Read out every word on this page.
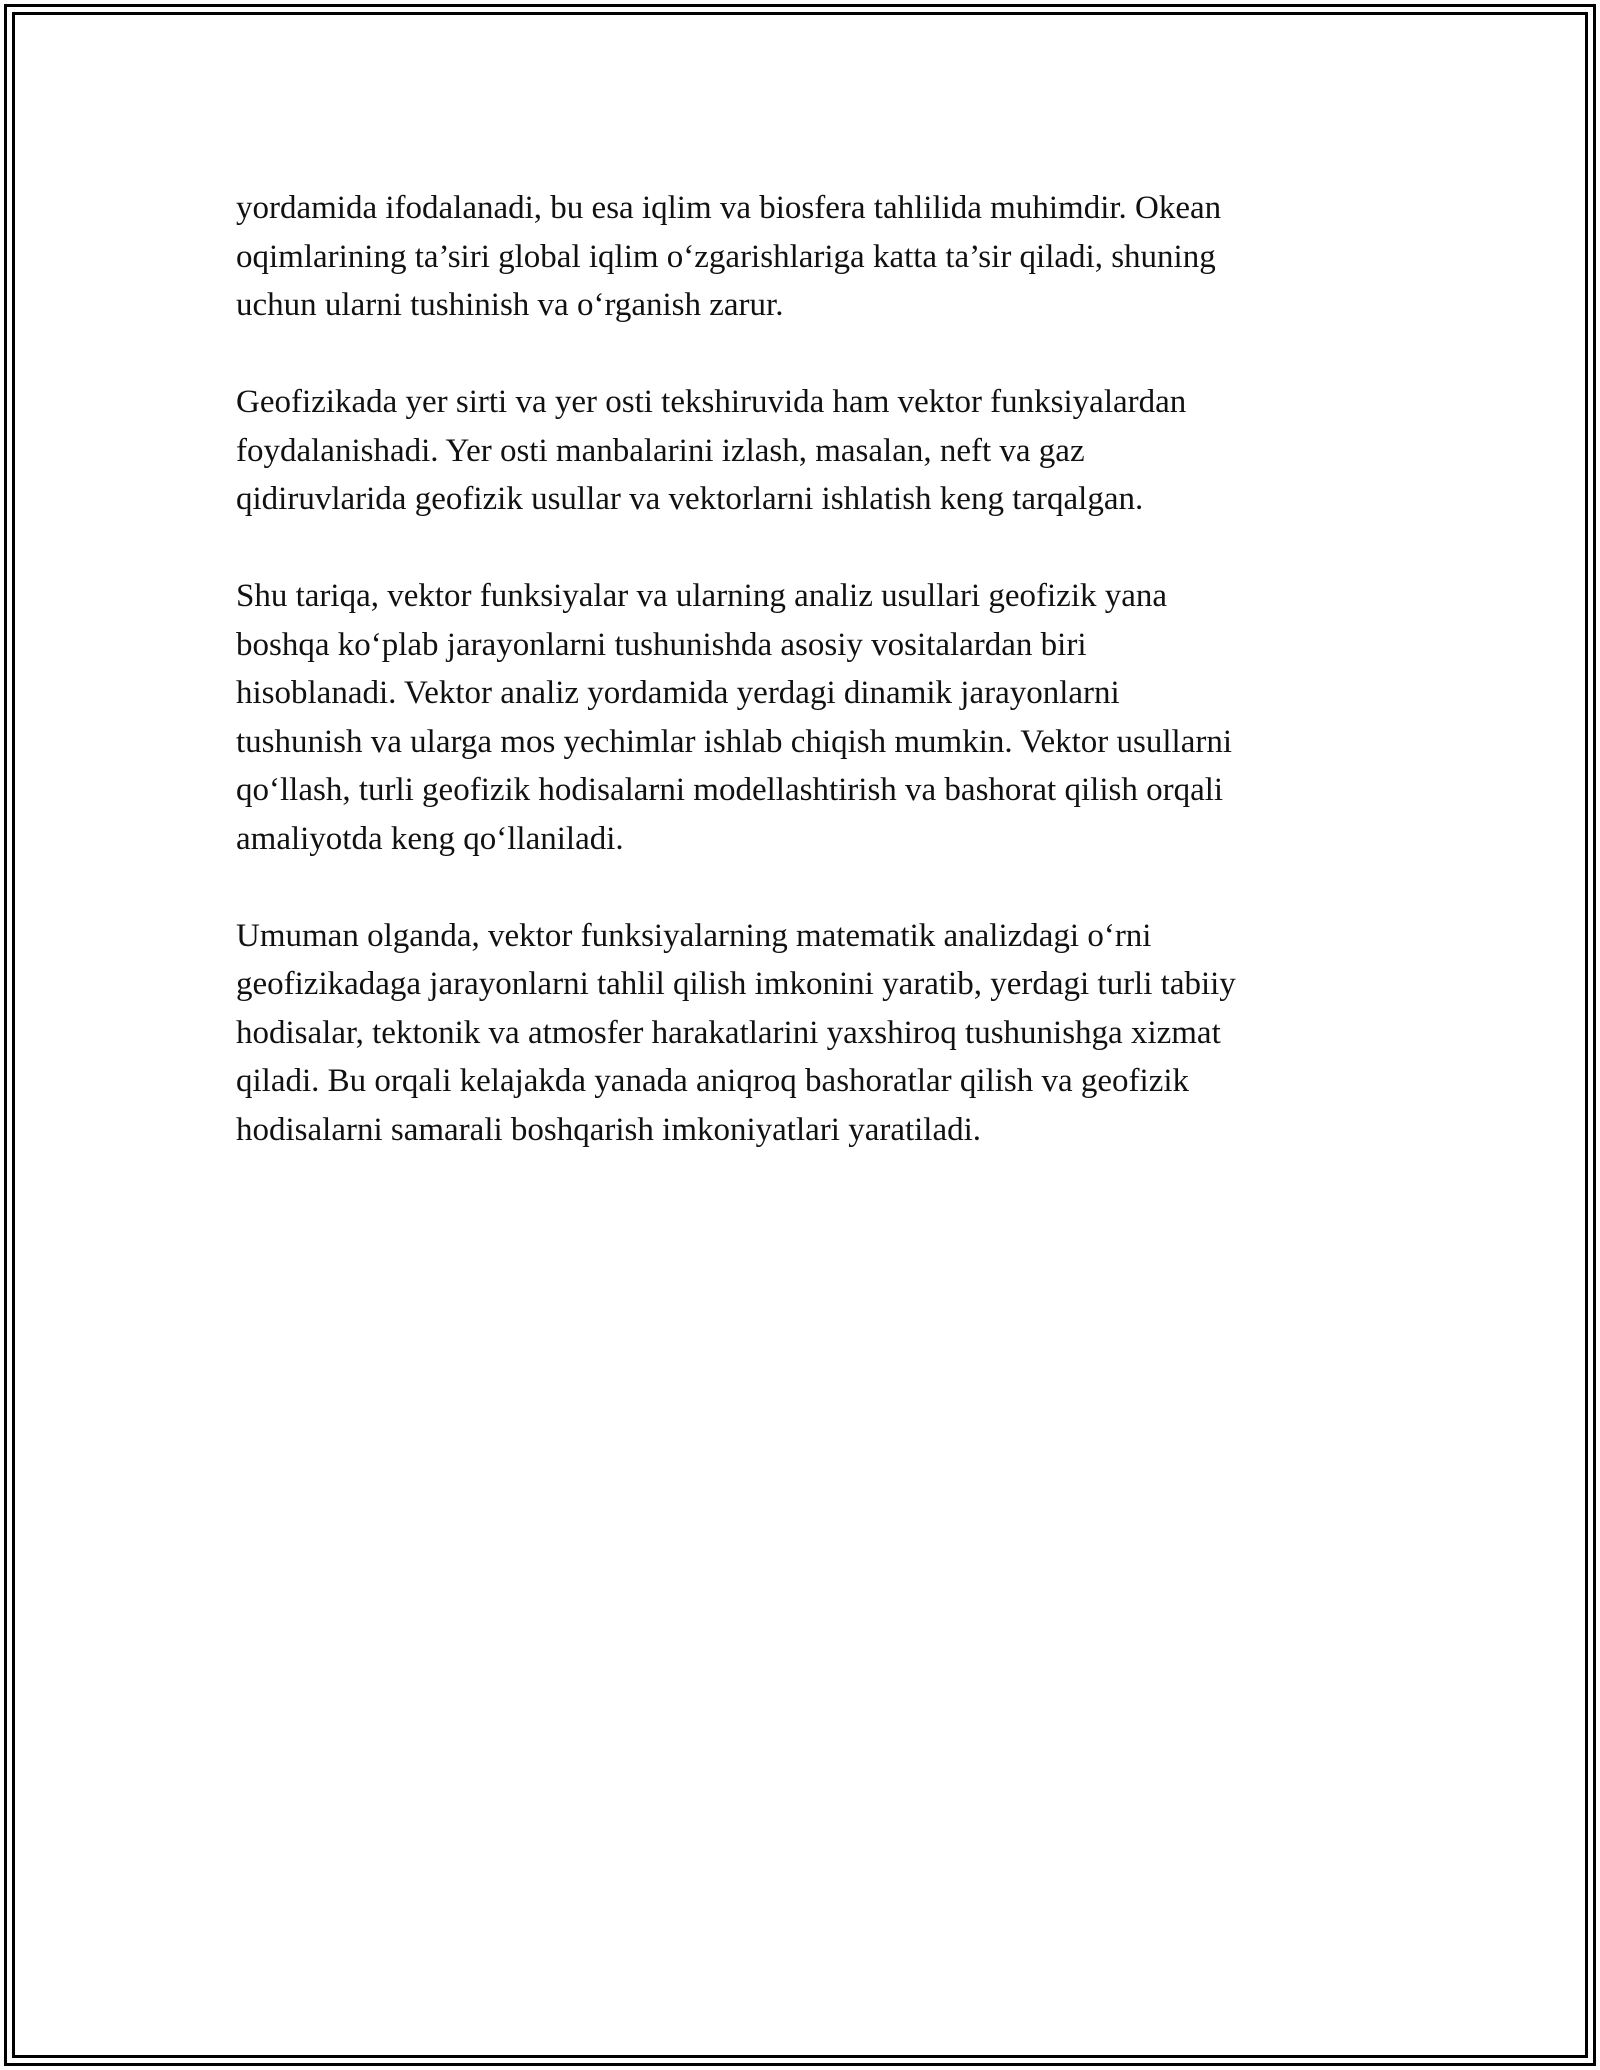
yordamida ifodalanadi, bu esa iqlim va biosfera tahlilida muhimdir. Okean
oqimlarining ta’siri global iqlim o‘zgarishlariga katta ta’sir qiladi, shuning
uchun ularni tushinish va o‘rganish zarur.

Geofizikada yer sirti va yer osti tekshiruvida ham vektor funksiyalardan
foydalanishadi. Yer osti manbalarini izlash, masalan, neft va gaz
qidiruvlarida geofizik usullar va vektorlarni ishlatish keng tarqalgan.

Shu tariqa, vektor funksiyalar va ularning analiz usullari geofizik yana
boshqa ko‘plab jarayonlarni tushunishda asosiy vositalardan biri
hisoblanadi. Vektor analiz yordamida yerdagi dinamik jarayonlarni
tushunish va ularga mos yechimlar ishlab chiqish mumkin. Vektor usullarni
qo‘llash, turli geofizik hodisalarni modellashtirish va bashorat qilish orqali
amaliyotda keng qo‘llaniladi.

Umuman olganda, vektor funksiyalarning matematik analizdagi o‘rni
geofizikadaga jarayonlarni tahlil qilish imkonini yaratib, yerdagi turli tabiiy
hodisalar, tektonik va atmosfer harakatlarini yaxshiroq tushunishga xizmat
qiladi. Bu orqali kelajakda yanada aniqroq bashoratlar qilish va geofizik
hodisalarni samarali boshqarish imkoniyatlari yaratiladi.
